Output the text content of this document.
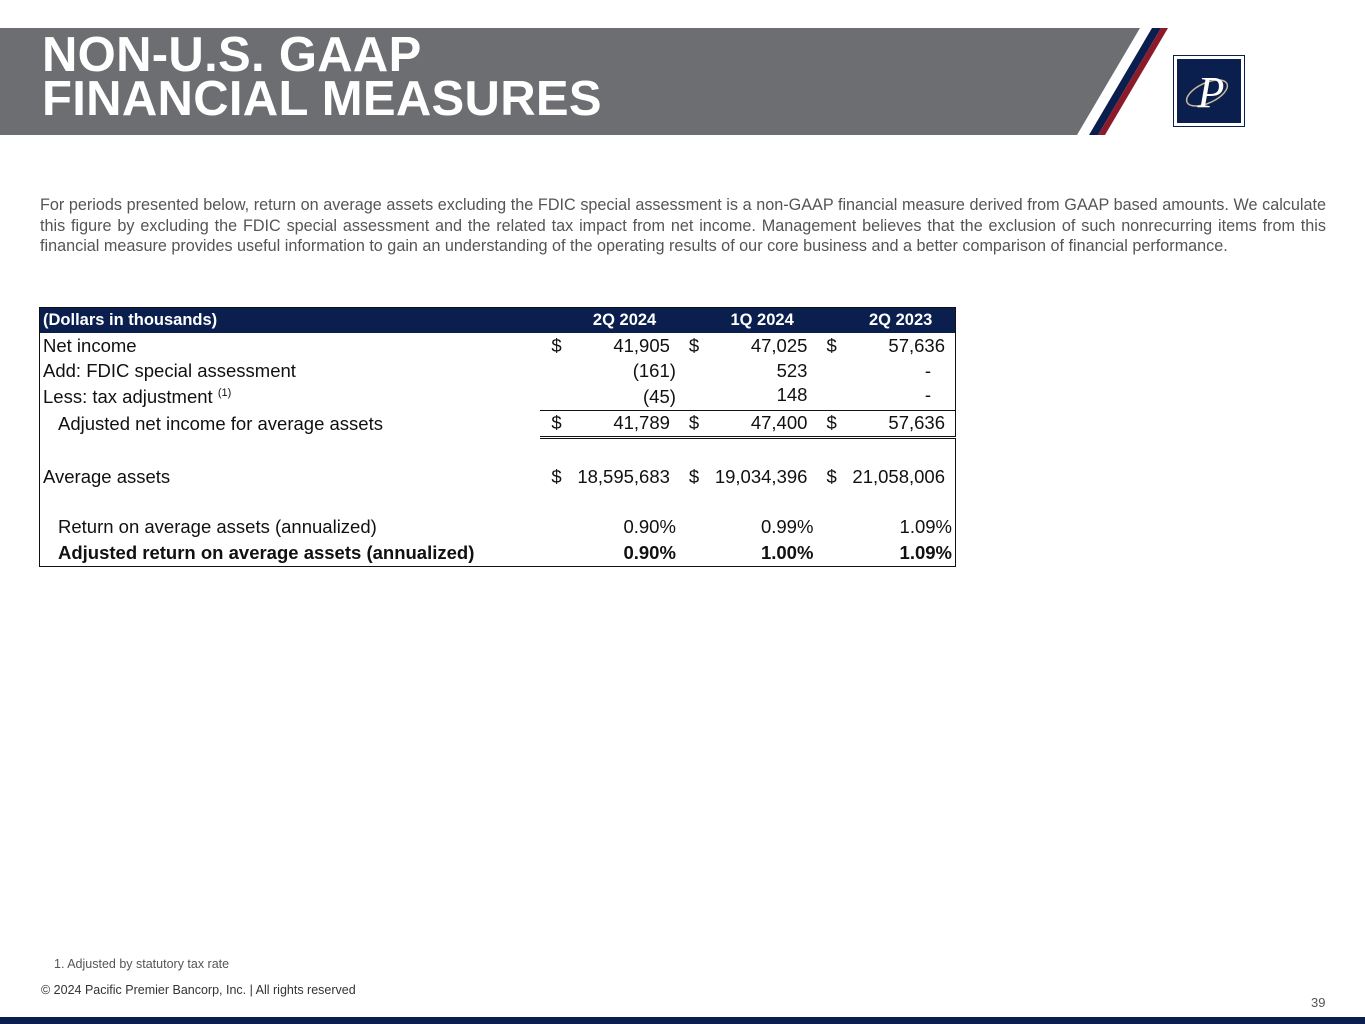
NON-U.S. GAAP
FINANCIAL MEASURES	P
For periods presented below, return on average assets excluding the FDIC special assessment is a non-GAAP financial measure derived from GAAP based amounts. We calculate this figure by excluding the FDIC special assessment and the related tax impact from net income. Management believes that the exclusion of such nonrecurring items from this financial measure provides useful information to gain an understanding of the operating results of our core business and a better comparison of financial performance.
(Dollars in thousands)		2Q 2024		1Q 2024		2Q 2023
Net income	$	41,905	$	47,025	$	57,636
Add: FDIC special assessment		(161)		523		-
Less: tax adjustment $^{(1)}$		(45)		148		-
Adjusted net income for average assets	$	41,789	$	47,400	$	57,636

Average assets	$	18,595,683	$	19,034,396	$	21,058,006

Return on average assets (annualized)		0.90%		0.99%		1.09%
Adjusted return on average assets (annualized)		0.90%		1.00%		1.09%
1. Adjusted by statutory tax rate
© 2024 Pacific Premier Bancorp, Inc. | All rights reserved
39
